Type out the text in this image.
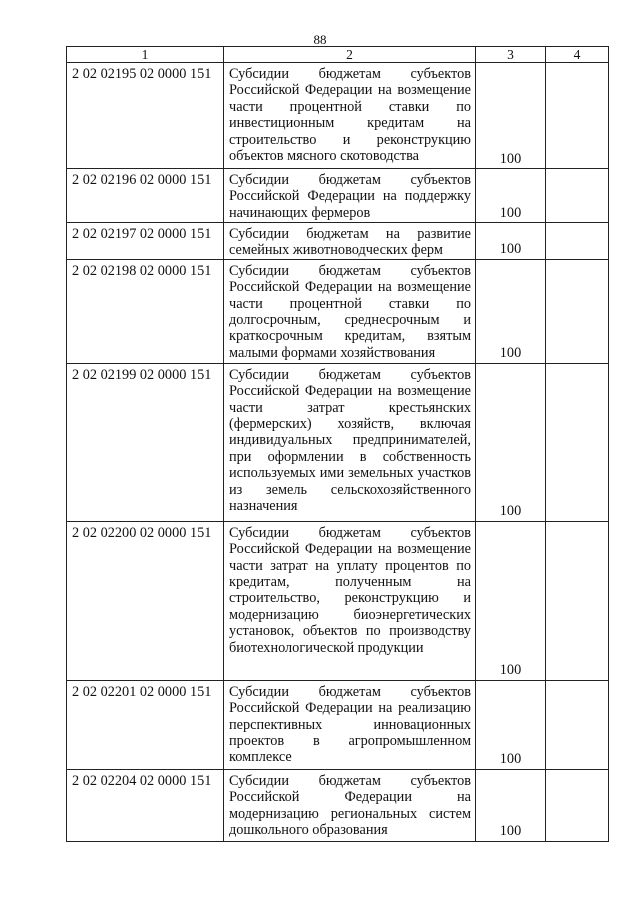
88
1	2	3	4
2 02 02195 02 0000 151	Субсидии бюджетам субъектов Российской Федерации на возмещение части процентной ставки по инвестиционным кредитам на строительство и реконструкцию объектов мясного скотоводства	100	
2 02 02196 02 0000 151	Субсидии бюджетам субъектов Российской Федерации на поддержку начинающих фермеров	100	
2 02 02197 02 0000 151	Субсидии бюджетам на развитие семейных животноводческих ферм	100	
2 02 02198 02 0000 151	Субсидии бюджетам субъектов Российской Федерации на возмещение части процентной ставки по долгосрочным, среднесрочным и краткосрочным кредитам, взятым малыми формами хозяйствования	100	
2 02 02199 02 0000 151	Субсидии бюджетам субъектов Российской Федерации на возмещение части затрат крестьянских (фермерских) хозяйств, включая индивидуальных предпринимателей, при оформлении в собственность используемых ими земельных участков из земель сельскохозяйственного назначения	100	
2 02 02200 02 0000 151	Субсидии бюджетам субъектов Российской Федерации на возмещение части затрат на уплату процентов по кредитам, полученным на строительство, реконструкцию и модернизацию биоэнергетических установок, объектов по производству биотехнологической продукции	100	
2 02 02201 02 0000 151	Субсидии бюджетам субъектов Российской Федерации на реализацию перспективных инновационных проектов в агропромышленном комплексе	100	
2 02 02204 02 0000 151	Субсидии бюджетам субъектов Российской Федерации на модернизацию региональных систем дошкольного образования	100	
